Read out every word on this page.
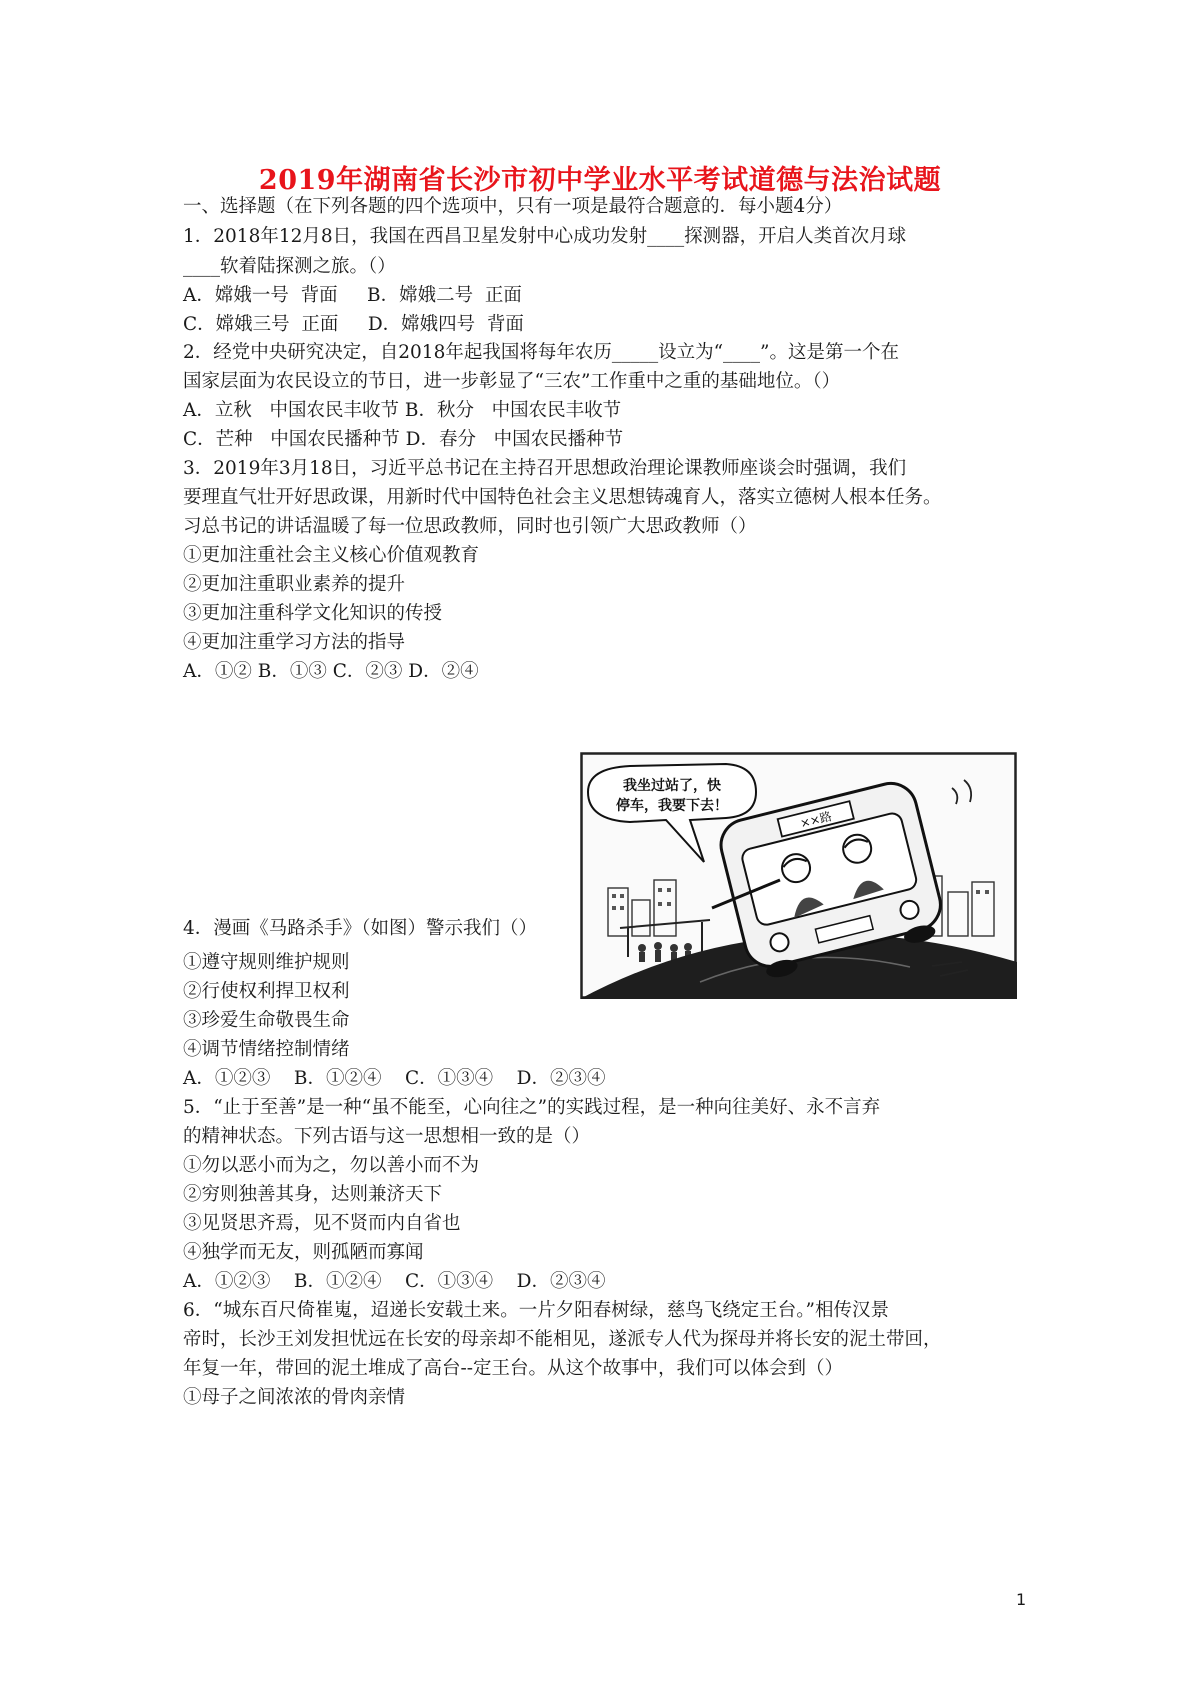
2019年湖南省长沙市初中学业水平考试道德与法治试题
一、选择题（在下列各题的四个选项中，只有一项是最符合题意的．每小题4分）
1．2018年12月8日，我国在西昌卫星发射中心成功发射____探测器，开启人类首次月球
____软着陆探测之旅。（）
A．嫦娥一号  背面     B．嫦娥二号  正面
C．嫦娥三号  正面     D．嫦娥四号  背面
2．经党中央研究决定，自2018年起我国将每年农历_____设立为“____”。这是第一个在
国家层面为农民设立的节日，进一步彰显了“三农”工作重中之重的基础地位。（）
A．立秋   中国农民丰收节 B．秋分   中国农民丰收节
C．芒种   中国农民播种节 D．春分   中国农民播种节
3．2019年3月18日，习近平总书记在主持召开思想政治理论课教师座谈会时强调，我们
要理直气壮开好思政课，用新时代中国特色社会主义思想铸魂育人，落实立德树人根本任务。
习总书记的讲话温暖了每一位思政教师，同时也引领广大思政教师（）
①更加注重社会主义核心价值观教育
②更加注重职业素养的提升
③更加注重科学文化知识的传授
④更加注重学习方法的指导
A．①② B．①③ C．②③ D．②④
××路
我坐过站了，快
停车，我要下去！
4．漫画《马路杀手》（如图）警示我们（）
①遵守规则维护规则
②行使权利捍卫权利
③珍爱生命敬畏生命
④调节情绪控制情绪
A．①②③    B．①②④    C．①③④    D．②③④
5．“止于至善”是一种“虽不能至，心向往之”的实践过程，是一种向往美好、永不言弃
的精神状态。下列古语与这一思想相一致的是（）
①勿以恶小而为之，勿以善小而不为
②穷则独善其身，达则兼济天下
③见贤思齐焉，见不贤而内自省也
④独学而无友，则孤陋而寡闻
A．①②③    B．①②④    C．①③④    D．②③④
6．“城东百尺倚崔嵬，迢递长安载土来。一片夕阳春树绿，慈鸟飞绕定王台。”相传汉景
帝时，长沙王刘发担忧远在长安的母亲却不能相见，遂派专人代为探母并将长安的泥土带回，
年复一年，带回的泥土堆成了高台--定王台。从这个故事中，我们可以体会到（）
①母子之间浓浓的骨肉亲情
1
